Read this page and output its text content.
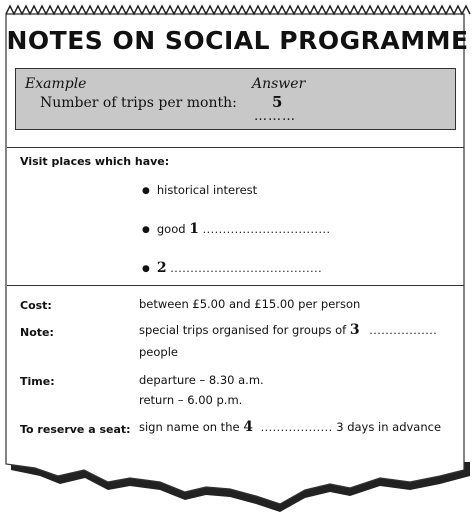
NOTES ON SOCIAL PROGRAMME
Example
Number of trips per month:
Answer
5
………
Visit places which have:
● historical interest
● good 1 ................................
● 2 ......................................
Cost:	between £5.00 and £15.00 per person
Note:	special trips organised for groups of 3 .................
people
Time:	departure – 8.30 a.m.
return – 6.00 p.m.
To reserve a seat: sign name on the 4 .................. 3 days in advance
